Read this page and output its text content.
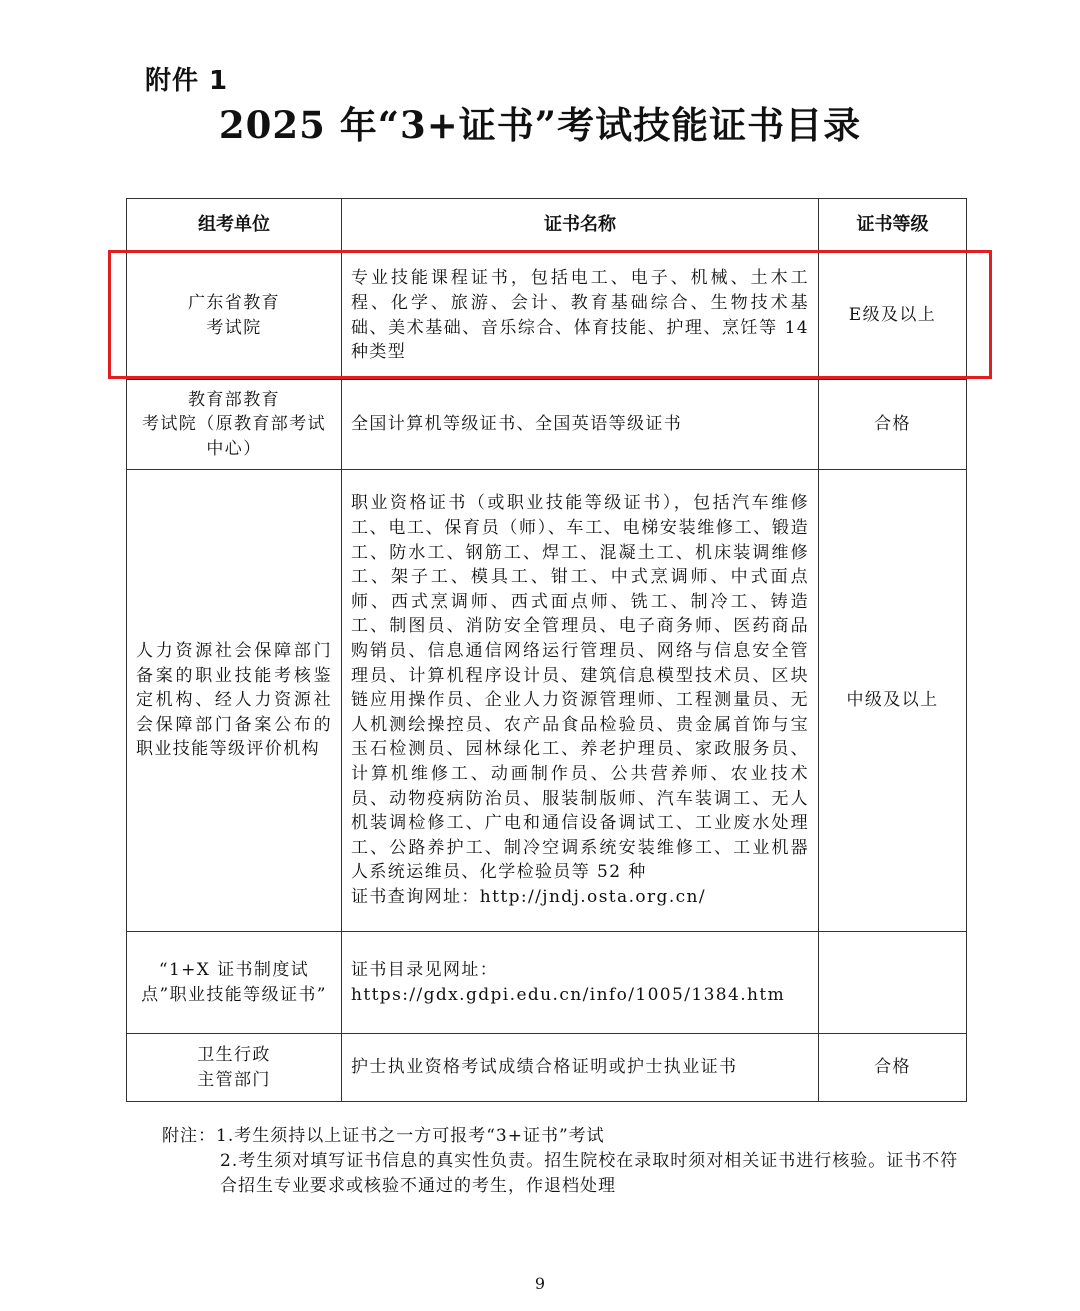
附件 1
2025 年“3+证书”考试技能证书目录
组考单位	证书名称	证书等级

广东省教育
考试院	专业技能课程证书，包括电工、电子、机械、土木工程、化学、旅游、会计、教育基础综合、生物技术基础、美术基础、音乐综合、体育技能、护理、烹饪等 14 种类型	E级及以上

教育部教育
考试院（原教育部考试中心）	全国计算机等级证书、全国英语等级证书	合格

人力资源社会保障部门备案的职业技能考核鉴定机构、经人力资源社会保障部门备案公布的职业技能等级评价机构	职业资格证书（或职业技能等级证书），包括汽车维修工、电工、保育员（师）、车工、电梯安装维修工、锻造工、防水工、钢筋工、焊工、混凝土工、机床装调维修工、架子工、模具工、钳工、中式烹调师、中式面点师、西式烹调师、西式面点师、铣工、制冷工、铸造工、制图员、消防安全管理员、电子商务师、医药商品购销员、信息通信网络运行管理员、网络与信息安全管理员、计算机程序设计员、建筑信息模型技术员、区块链应用操作员、企业人力资源管理师、工程测量员、无人机测绘操控员、农产品食品检验员、贵金属首饰与宝玉石检测员、园林绿化工、养老护理员、家政服务员、计算机维修工、动画制作员、公共营养师、农业技术员、动物疫病防治员、服装制版师、汽车装调工、无人机装调检修工、广电和通信设备调试工、工业废水处理工、公路养护工、制冷空调系统安装维修工、工业机器人系统运维员、化学检验员等 52 种
证书查询网址：http://jndj.osta.org.cn/	中级及以上

“1+X 证书制度试点”职业技能等级证书”	证书目录见网址：
https://gdx.gdpi.edu.cn/info/1005/1384.htm	

卫生行政
主管部门	护士执业资格考试成绩合格证明或护士执业证书	合格
附注：1.考生须持以上证书之一方可报考“3+证书”考试
2.考生须对填写证书信息的真实性负责。招生院校在录取时须对相关证书进行核验。证书不符合招生专业要求或核验不通过的考生，作退档处理
9
